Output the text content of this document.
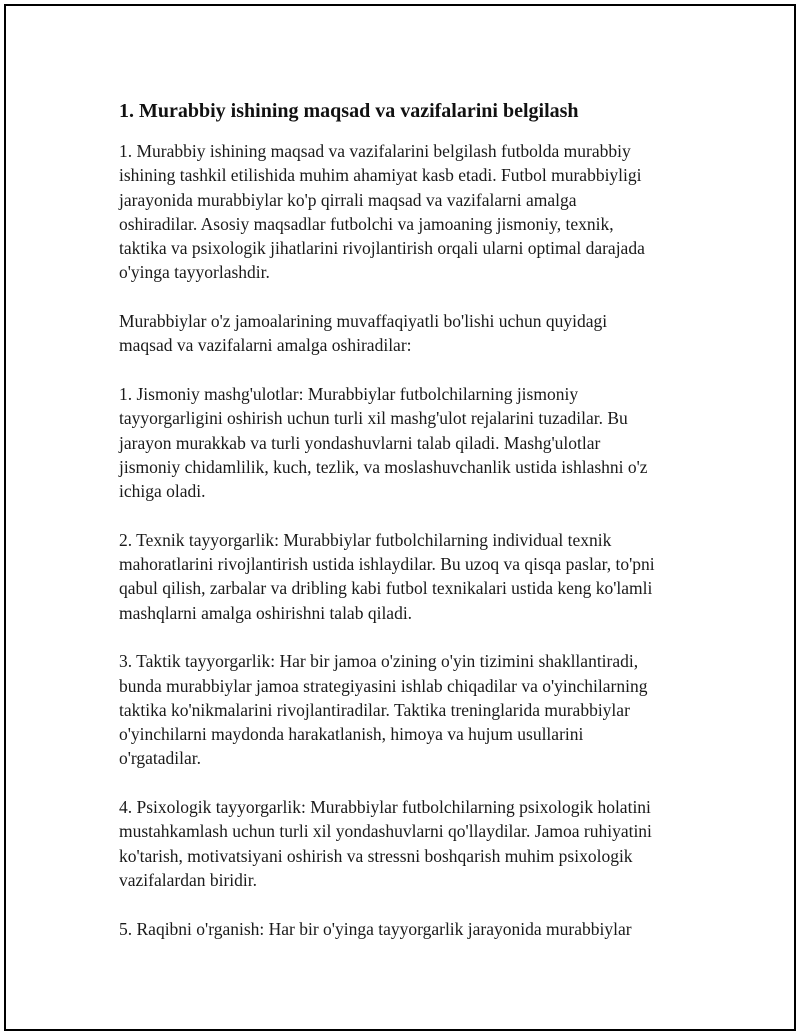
1. Murabbiy ishining maqsad va vazifalarini belgilash
1. Murabbiy ishining maqsad va vazifalarini belgilash futbolda murabbiy
ishining tashkil etilishida muhim ahamiyat kasb etadi. Futbol murabbiyligi
jarayonida murabbiylar ko'p qirrali maqsad va vazifalarni amalga
oshiradilar. Asosiy maqsadlar futbolchi va jamoaning jismoniy, texnik,
taktika va psixologik jihatlarini rivojlantirish orqali ularni optimal darajada
o'yinga tayyorlashdir.
Murabbiylar o'z jamoalarining muvaffaqiyatli bo'lishi uchun quyidagi
maqsad va vazifalarni amalga oshiradilar:
1. Jismoniy mashg'ulotlar: Murabbiylar futbolchilarning jismoniy
tayyorgarligini oshirish uchun turli xil mashg'ulot rejalarini tuzadilar. Bu
jarayon murakkab va turli yondashuvlarni talab qiladi. Mashg'ulotlar
jismoniy chidamlilik, kuch, tezlik, va moslashuvchanlik ustida ishlashni o'z
ichiga oladi.
2. Texnik tayyorgarlik: Murabbiylar futbolchilarning individual texnik
mahoratlarini rivojlantirish ustida ishlaydilar. Bu uzoq va qisqa paslar, to'pni
qabul qilish, zarbalar va dribling kabi futbol texnikalari ustida keng ko'lamli
mashqlarni amalga oshirishni talab qiladi.
3. Taktik tayyorgarlik: Har bir jamoa o'zining o'yin tizimini shakllantiradi,
bunda murabbiylar jamoa strategiyasini ishlab chiqadilar va o'yinchilarning
taktika ko'nikmalarini rivojlantiradilar. Taktika treninglarida murabbiylar
o'yinchilarni maydonda harakatlanish, himoya va hujum usullarini
o'rgatadilar.
4. Psixologik tayyorgarlik: Murabbiylar futbolchilarning psixologik holatini
mustahkamlash uchun turli xil yondashuvlarni qo'llaydilar. Jamoa ruhiyatini
ko'tarish, motivatsiyani oshirish va stressni boshqarish muhim psixologik
vazifalardan biridir.
5. Raqibni o'rganish: Har bir o'yinga tayyorgarlik jarayonida murabbiylar
